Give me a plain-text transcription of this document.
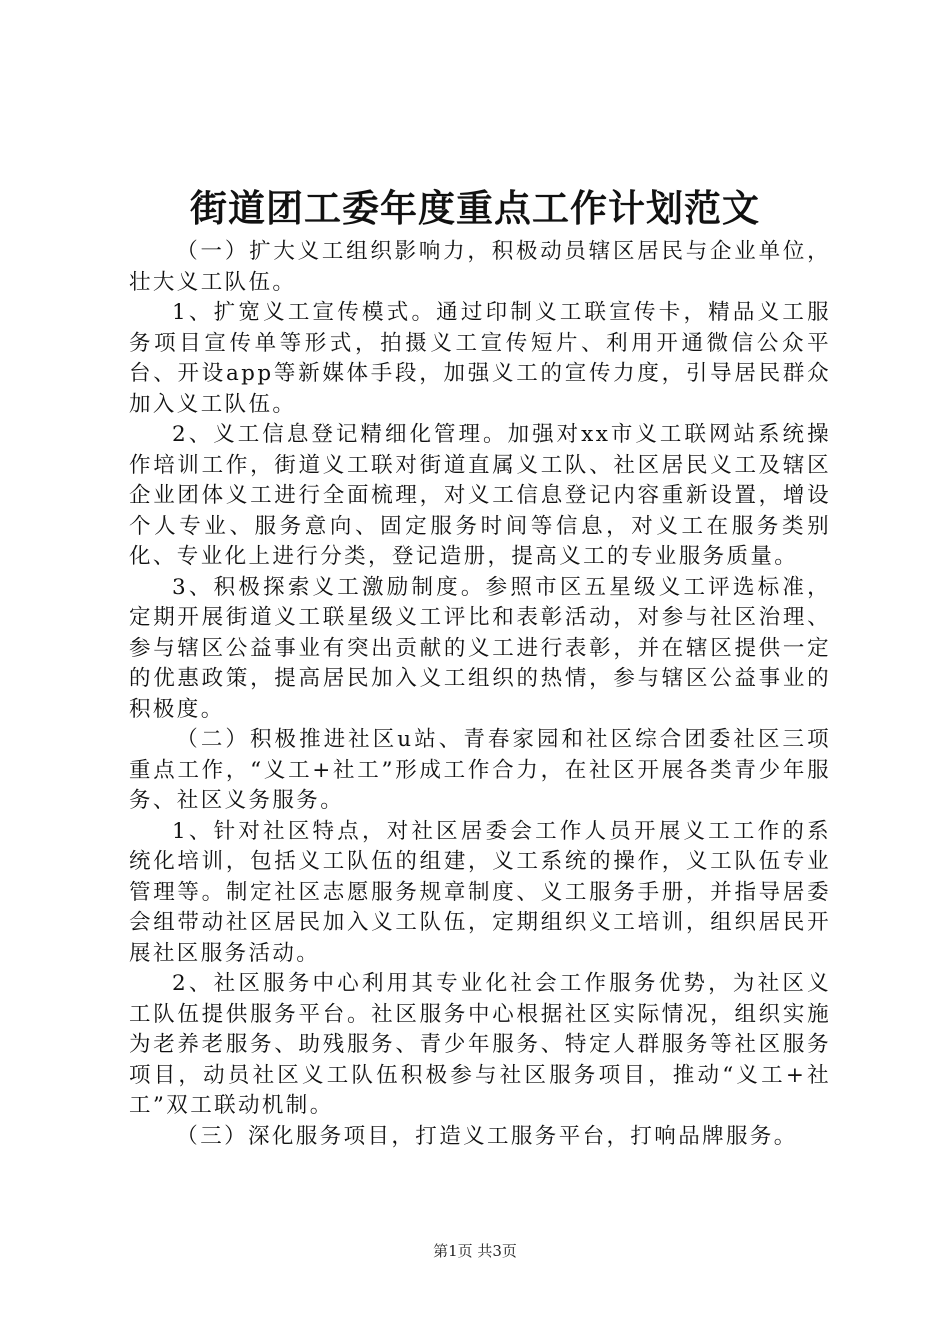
街道团工委年度重点工作计划范文

（一）扩大义工组织影响力，积极动员辖区居民与企业单位，壮大义工队伍。

1、扩宽义工宣传模式。通过印制义工联宣传卡，精品义工服务项目宣传单等形式，拍摄义工宣传短片、利用开通微信公众平台、开设app等新媒体手段，加强义工的宣传力度，引导居民群众加入义工队伍。

2、义工信息登记精细化管理。加强对xx市义工联网站系统操作培训工作，街道义工联对街道直属义工队、社区居民义工及辖区企业团体义工进行全面梳理，对义工信息登记内容重新设置，增设个人专业、服务意向、固定服务时间等信息，对义工在服务类别化、专业化上进行分类，登记造册，提高义工的专业服务质量。

3、积极探索义工激励制度。参照市区五星级义工评选标准，定期开展街道义工联星级义工评比和表彰活动，对参与社区治理、参与辖区公益事业有突出贡献的义工进行表彰，并在辖区提供一定的优惠政策，提高居民加入义工组织的热情，参与辖区公益事业的积极度。

（二）积极推进社区u站、青春家园和社区综合团委社区三项重点工作，“义工+社工”形成工作合力，在社区开展各类青少年服务、社区义务服务。

1、针对社区特点，对社区居委会工作人员开展义工工作的系统化培训，包括义工队伍的组建，义工系统的操作，义工队伍专业管理等。制定社区志愿服务规章制度、义工服务手册，并指导居委会组带动社区居民加入义工队伍，定期组织义工培训，组织居民开展社区服务活动。

2、社区服务中心利用其专业化社会工作服务优势，为社区义工队伍提供服务平台。社区服务中心根据社区实际情况，组织实施为老养老服务、助残服务、青少年服务、特定人群服务等社区服务项目，动员社区义工队伍积极参与社区服务项目，推动“义工+社工”双工联动机制。

（三）深化服务项目，打造义工服务平台，打响品牌服务。

第1页 共3页
